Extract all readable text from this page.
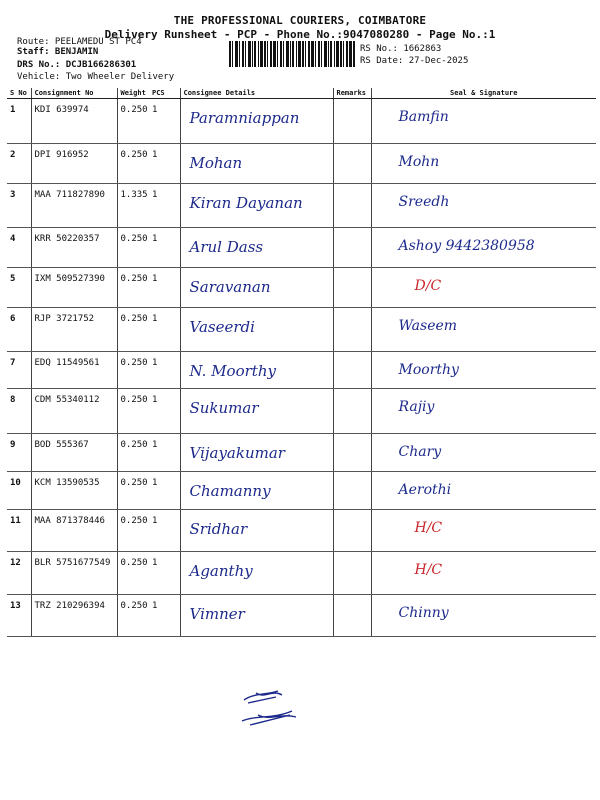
THE PROFESSIONAL COURIERS, COIMBATORE
Delivery Runsheet - PCP - Phone No.:9047080280 - Page No.:1
Route: PEELAMEDU ST PC4
Staff: BENJAMIN
DRS No.: DCJB166286301
Vehicle: Two Wheeler Delivery
RS No.: 1662863
RS Date: 27-Dec-2025
S No	Consignment No	Weight	PCS	Consignee Details	Remarks	Seal & Signature
1	KDI 639974	0.250	1	Paramniappan		Bamfin
2	DPI 916952	0.250	1	Mohan		Mohn
3	MAA 711827890	1.335	1	Kiran Dayanan		Sreedh
4	KRR 50220357	0.250	1	Arul Dass		Ashoy 9442380958
5	IXM 509527390	0.250	1	Saravanan		D/C
6	RJP 3721752	0.250	1	Vaseerdi		Waseem
7	EDQ 11549561	0.250	1	N. Moorthy		Moorthy
8	CDM 55340112	0.250	1	Sukumar		Rajiy
9	BOD 555367	0.250	1	Vijayakumar		Chary
10	KCM 13590535	0.250	1	Chamanny		Aerothi
11	MAA 871378446	0.250	1	Sridhar		H/C
12	BLR 5751677549	0.250	1	Aganthy		H/C
13	TRZ 210296394	0.250	1	Vimner		Chinny
